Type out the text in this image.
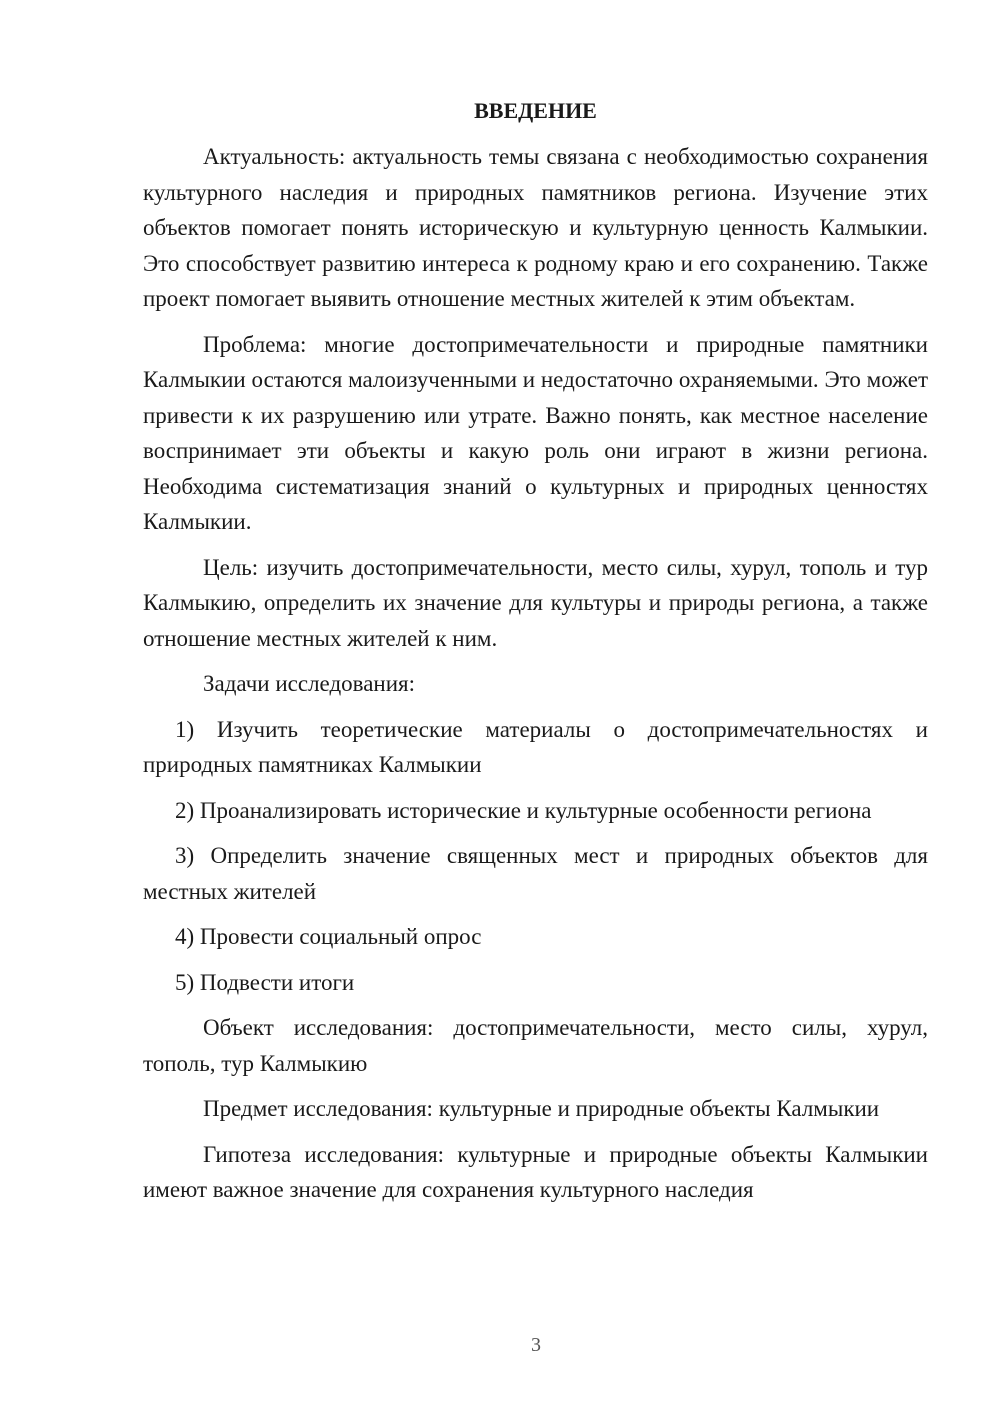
ВВЕДЕНИЕ

Актуальность: актуальность темы связана с необходимостью сохранения культурного наследия и природных памятников региона. Изучение этих объектов помогает понять историческую и культурную ценность Калмыкии. Это способствует развитию интереса к родному краю и его сохранению. Также проект помогает выявить отношение местных жителей к этим объектам.

Проблема: многие достопримечательности и природные памятники Калмыкии остаются малоизученными и недостаточно охраняемыми. Это может привести к их разрушению или утрате. Важно понять, как местное население воспринимает эти объекты и какую роль они играют в жизни региона. Необходима систематизация знаний о культурных и природных ценностях Калмыкии.

Цель: изучить достопримечательности, место силы, хурул, тополь и тур Калмыкию, определить их значение для культуры и природы региона, а также отношение местных жителей к ним.

Задачи исследования:

1) Изучить теоретические материалы о достопримечательностях и природных памятниках Калмыкии

2) Проанализировать исторические и культурные особенности региона

3) Определить значение священных мест и природных объектов для местных жителей

4) Провести социальный опрос

5) Подвести итоги

Объект исследования: достопримечательности, место силы, хурул, тополь, тур Калмыкию

Предмет исследования: культурные и природные объекты Калмыкии

Гипотеза исследования: культурные и природные объекты Калмыкии имеют важное значение для сохранения культурного наследия

3
